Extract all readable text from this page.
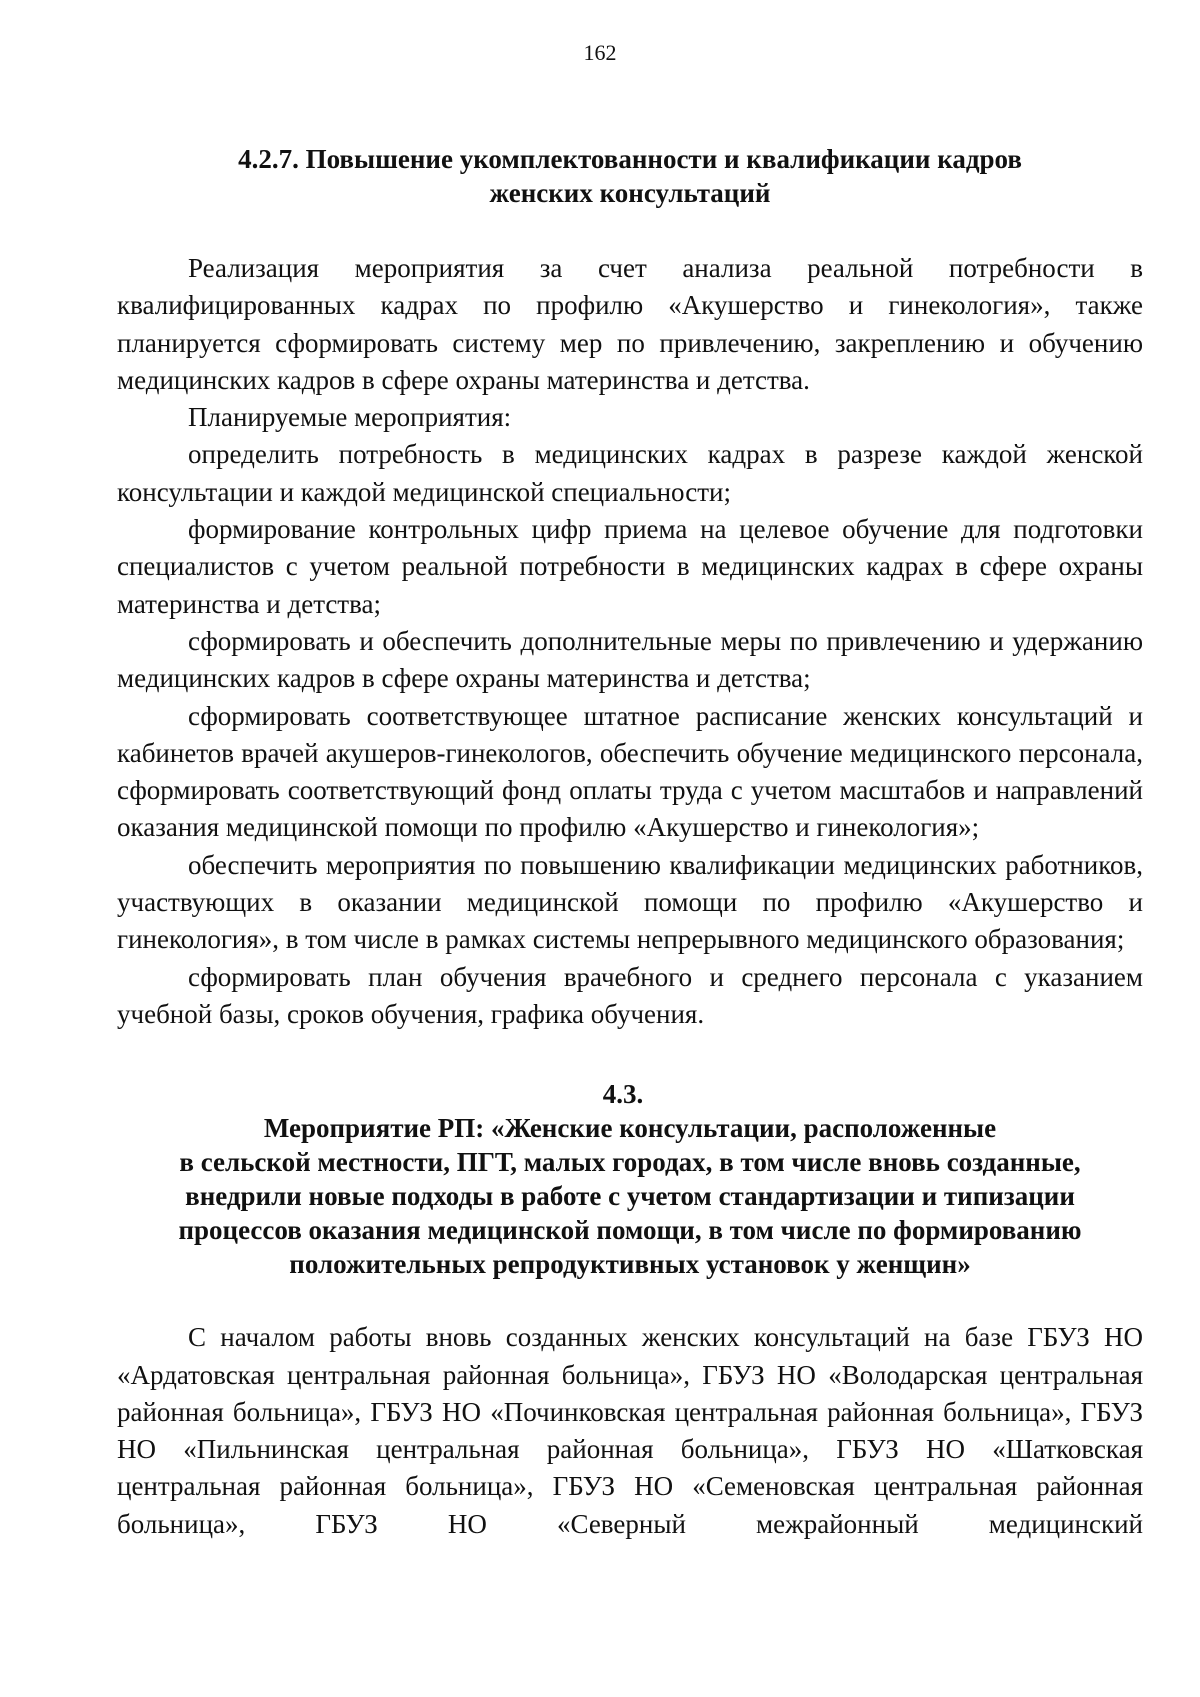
162
4.2.7. Повышение укомплектованности и квалификации кадров
женских консультаций

Реализация мероприятия за счет анализа реальной потребности в квалифицированных кадрах по профилю «Акушерство и гинекология», также планируется сформировать систему мер по привлечению, закреплению и обучению медицинских кадров в сфере охраны материнства и детства.

Планируемые мероприятия:

определить потребность в медицинских кадрах в разрезе каждой женской консультации и каждой медицинской специальности;

формирование контрольных цифр приема на целевое обучение для подготовки специалистов с учетом реальной потребности в медицинских кадрах в сфере охраны материнства и детства;

сформировать и обеспечить дополнительные меры по привлечению и удержанию медицинских кадров в сфере охраны материнства и детства;

сформировать соответствующее штатное расписание женских консультаций и кабинетов врачей акушеров-гинекологов, обеспечить обучение медицинского персонала, сформировать соответствующий фонд оплаты труда с учетом масштабов и направлений оказания медицинской помощи по профилю «Акушерство и гинекология»;

обеспечить мероприятия по повышению квалификации медицинских работников, участвующих в оказании медицинской помощи по профилю «Акушерство и гинекология», в том числе в рамках системы непрерывного медицинского образования;

сформировать план обучения врачебного и среднего персонала с указанием учебной базы, сроков обучения, графика обучения.

4.3.
Мероприятие РП: «Женские консультации, расположенные
в сельской местности, ПГТ, малых городах, в том числе вновь созданные,
внедрили новые подходы в работе с учетом стандартизации и типизации
процессов оказания медицинской помощи, в том числе по формированию
положительных репродуктивных установок у женщин»

С началом работы вновь созданных женских консультаций на базе ГБУЗ НО «Ардатовская центральная районная больница», ГБУЗ НО «Володарская центральная районная больница», ГБУЗ НО «Починковская центральная районная больница», ГБУЗ НО «Пильнинская центральная районная больница», ГБУЗ НО «Шатковская центральная районная больница», ГБУЗ НО «Семеновская центральная районная больница», ГБУЗ НО «Северный межрайонный медицинский
